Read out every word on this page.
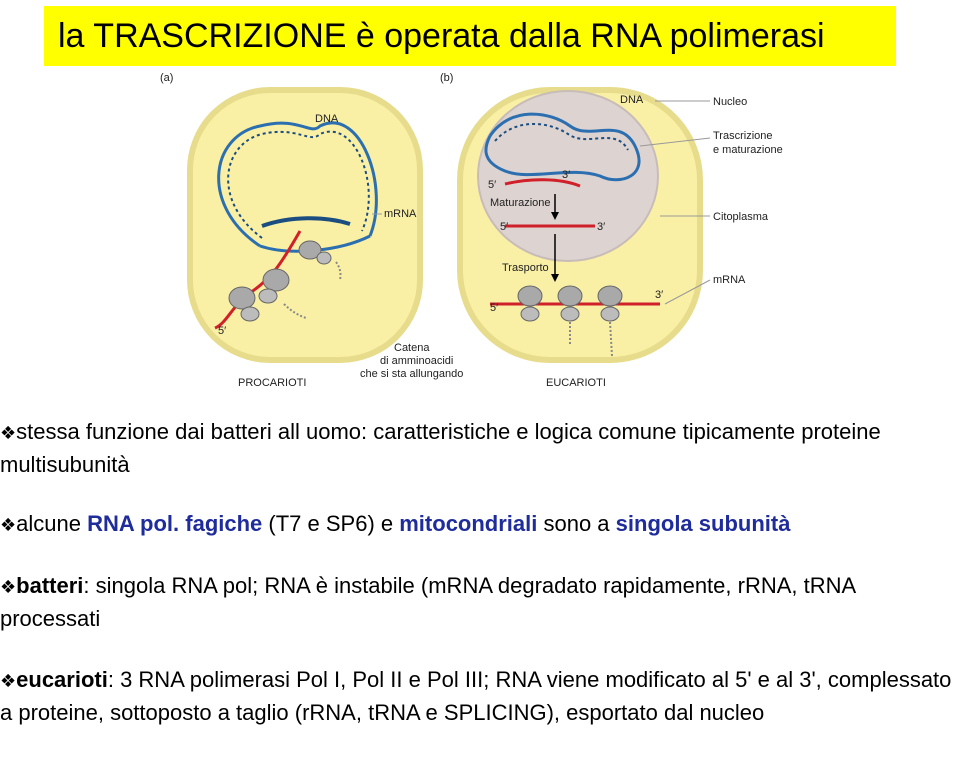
la TRASCRIZIONE è operata dalla RNA polimerasi
(a)
DNA
mRNA
5′
Catena
di amminoacidi
che si sta allungando
PROCARIOTI
(b)
DNA	Nucleo
Trascrizione
e maturazione
Citoplasma
mRNA
5′
3′
Maturazione
5′	3′
Trasporto
5′
3′
EUCARIOTI
❖stessa funzione dai batteri all uomo: caratteristiche e logica comune tipicamente proteine multisubunità
❖alcune RNA pol. fagiche (T7 e SP6) e mitocondriali sono a singola subunità
❖batteri: singola RNA pol; RNA è instabile (mRNA degradato rapidamente, rRNA, tRNA processati
❖eucarioti: 3 RNA polimerasi Pol I, Pol II e Pol III; RNA viene modificato al 5' e al 3', complessato a proteine, sottoposto a taglio (rRNA, tRNA e SPLICING), esportato dal nucleo
